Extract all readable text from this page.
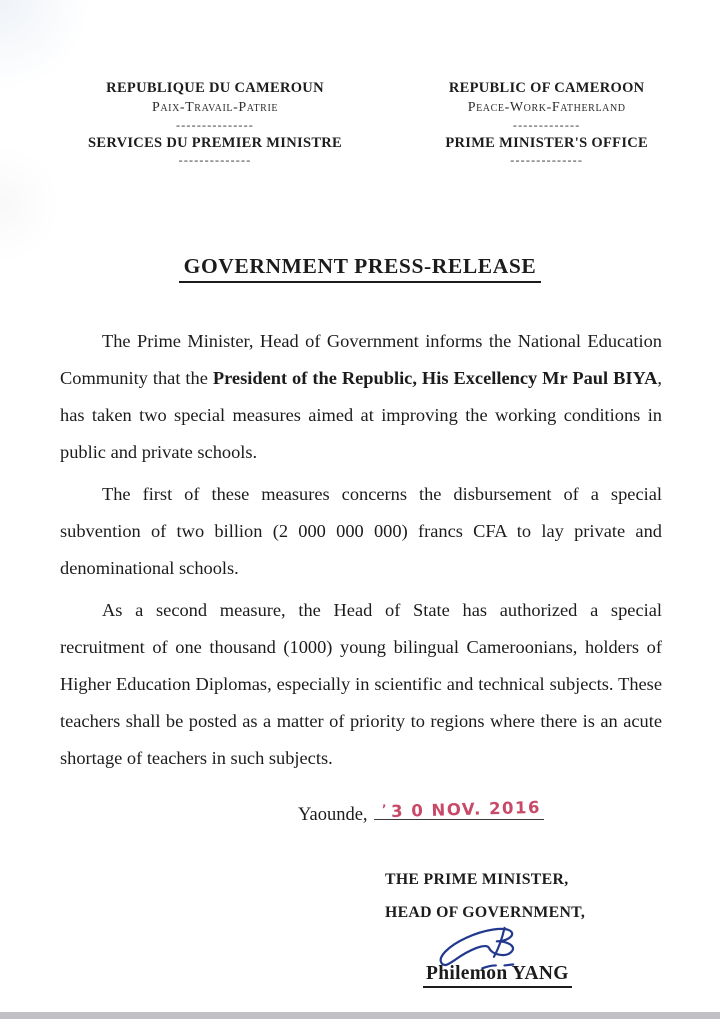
REPUBLIQUE DU CAMEROUN
Paix-Travail-Patrie
---------------
SERVICES DU PREMIER MINISTRE
--------------
REPUBLIC OF CAMEROON
Peace-Work-Fatherland
-------------
PRIME MINISTER'S OFFICE
--------------
GOVERNMENT PRESS-RELEASE

The Prime Minister, Head of Government informs the National Education Community that the President of the Republic, His Excellency Mr Paul BIYA, has taken two special measures aimed at improving the working conditions in public and private schools.

The first of these measures concerns the disbursement of a special subvention of two billion (2 000 000 000) francs CFA to lay private and denominational schools.

As a second measure, the Head of State has authorized a special recruitment of one thousand (1000) young bilingual Cameroonians, holders of Higher Education Diplomas, especially in scientific and technical subjects. These teachers shall be posted as a matter of priority to regions where there is an acute shortage of teachers in such subjects.

Yaounde,	’ 3 0 NOV. 2016
THE PRIME MINISTER,
HEAD OF GOVERNMENT,
Philemon YANG
